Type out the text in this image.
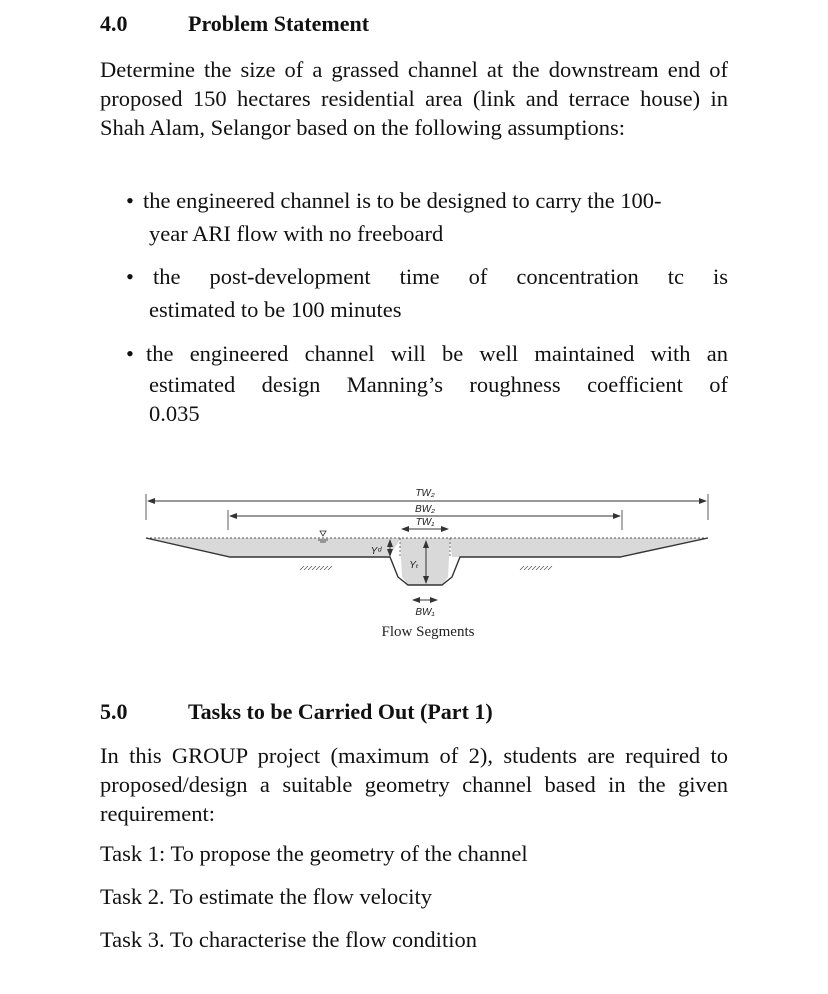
4.0	Problem Statement
Determine the size of a grassed channel at the downstream end of proposed 150 hectares residential area (link and terrace house) in Shah Alam, Selangor based on the following assumptions:
• the engineered channel is to be designed to carry the 100-
year ARI flow with no freeboard
• the post-development time of concentration tc is
estimated to be 100 minutes
• the engineered channel will be well maintained with an
estimated design Manning’s roughness coefficient of
0.035
TW₂
BW₂
TW₁
Yᵈ
Yₜ
BW₁
Flow Segments
5.0	Tasks to be Carried Out (Part 1)
In this GROUP project (maximum of 2), students are required to proposed/design a suitable geometry channel based in the given requirement:
Task 1: To propose the geometry of the channel
Task 2. To estimate the flow velocity
Task 3. To characterise the flow condition
